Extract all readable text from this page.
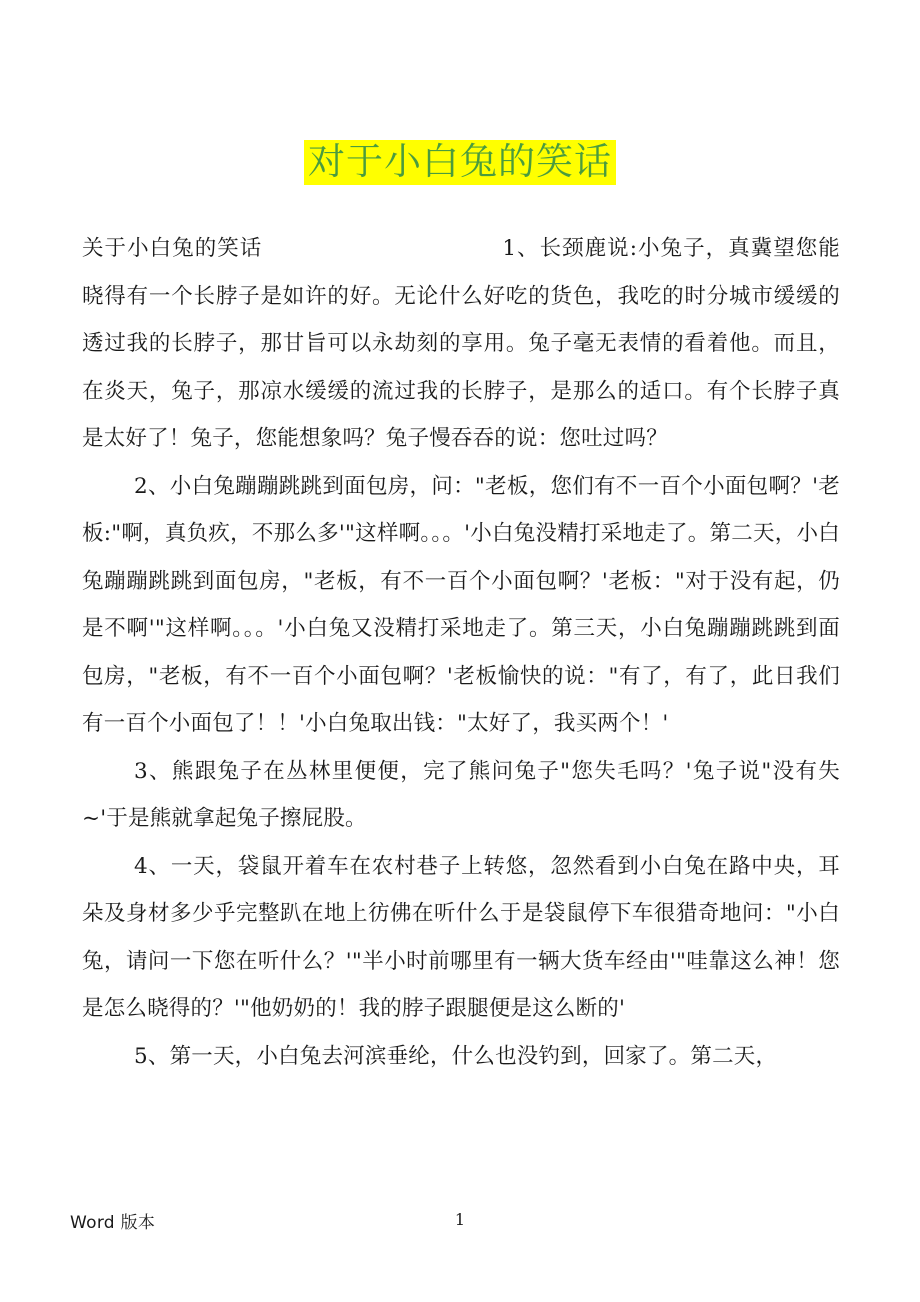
对于小白兔的笑话

关于小白兔的笑话	1、长颈鹿说:小兔子，真冀望您能晓得有一个长脖子是如许的好。无论什么好吃的货色，我吃的时分城市缓缓的透过我的长脖子，那甘旨可以永劫刻的享用。兔子毫无表情的看着他。而且，在炎天，兔子，那凉水缓缓的流过我的长脖子，是那么的适口。有个长脖子真是太好了！兔子，您能想象吗？兔子慢吞吞的说：您吐过吗？

2、小白兔蹦蹦跳跳到面包房，问："老板，您们有不一百个小面包啊？'老板:"啊，真负疚，不那么多'"这样啊。。。'小白兔没精打采地走了。第二天，小白兔蹦蹦跳跳到面包房，"老板，有不一百个小面包啊？'老板："对于没有起，仍是不啊'"这样啊。。。'小白兔又没精打采地走了。第三天，小白兔蹦蹦跳跳到面包房，"老板，有不一百个小面包啊？'老板愉快的说："有了，有了，此日我们有一百个小面包了！！'小白兔取出钱："太好了，我买两个！'

3、熊跟兔子在丛林里便便，完了熊问兔子"您失毛吗？'兔子说"没有失~'于是熊就拿起兔子擦屁股。

4、一天，袋鼠开着车在农村巷子上转悠，忽然看到小白兔在路中央，耳朵及身材多少乎完整趴在地上彷佛在听什么于是袋鼠停下车很猎奇地问："小白兔，请问一下您在听什么？'"半小时前哪里有一辆大货车经由'"哇靠这么神！您是怎么晓得的？'"他奶奶的！我的脖子跟腿便是这么断的'

5、第一天，小白兔去河滨垂纶，什么也没钓到，回家了。第二天，

Word 版本	1
